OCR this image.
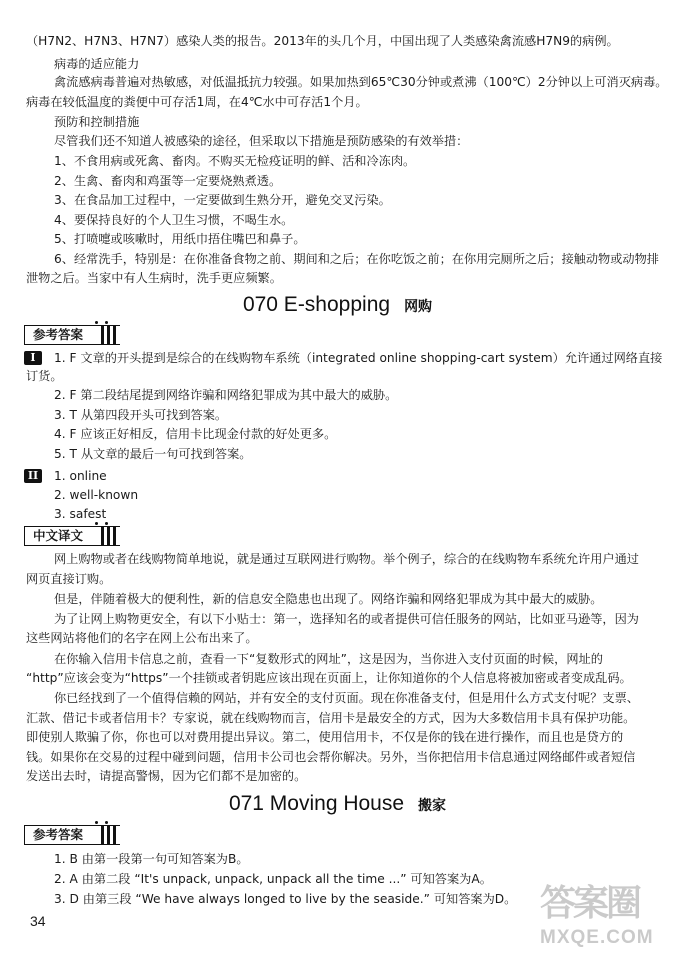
（H7N2、H7N3、H7N7）感染人类的报告。2013年的头几个月，中国出现了人类感染禽流感H7N9的病例。
病毒的适应能力
禽流感病毒普遍对热敏感，对低温抵抗力较强。如果加热到65℃30分钟或煮沸（100℃）2分钟以上可消灭病毒。
病毒在较低温度的粪便中可存活1周，在4℃水中可存活1个月。
预防和控制措施
尽管我们还不知道人被感染的途径，但采取以下措施是预防感染的有效举措：
1、不食用病或死禽、畜肉。不购买无检疫证明的鲜、活和冷冻肉。
2、生禽、畜肉和鸡蛋等一定要烧熟煮透。
3、在食品加工过程中，一定要做到生熟分开，避免交叉污染。
4、要保持良好的个人卫生习惯，不喝生水。
5、打喷嚏或咳嗽时，用纸巾捂住嘴巴和鼻子。
6、经常洗手，特别是：在你准备食物之前、期间和之后；在你吃饭之前；在你用完厕所之后；接触动物或动物排
泄物之后。当家中有人生病时，洗手更应频繁。
070 E-shopping 网购
参考答案
I	1. F 文章的开头提到是综合的在线购物车系统（integrated online shopping-cart system）允许通过网络直接
订货。
2. F 第二段结尾提到网络诈骗和网络犯罪成为其中最大的威胁。
3. T 从第四段开头可找到答案。
4. F 应该正好相反，信用卡比现金付款的好处更多。
5. T 从文章的最后一句可找到答案。
II	1. online
2. well-known
3. safest
中文译文
网上购物或者在线购物简单地说，就是通过互联网进行购物。举个例子，综合的在线购物车系统允许用户通过
网页直接订购。
但是，伴随着极大的便利性，新的信息安全隐患也出现了。网络诈骗和网络犯罪成为其中最大的威胁。
为了让网上购物更安全，有以下小贴士：第一，选择知名的或者提供可信任服务的网站，比如亚马逊等，因为
这些网站将他们的名字在网上公布出来了。
在你输入信用卡信息之前，查看一下“复数形式的网址”，这是因为，当你进入支付页面的时候，网址的
“http”应该会变为“https”一个挂锁或者钥匙应该出现在页面上，让你知道你的个人信息将被加密或者变成乱码。
你已经找到了一个值得信赖的网站，并有安全的支付页面。现在你准备支付，但是用什么方式支付呢？支票、
汇款、借记卡或者信用卡？专家说，就在线购物而言，信用卡是最安全的方式，因为大多数信用卡具有保护功能。
即使别人欺骗了你，你也可以对费用提出异议。第二，使用信用卡，不仅是你的钱在进行操作，而且也是贷方的
钱。如果你在交易的过程中碰到问题，信用卡公司也会帮你解决。另外，当你把信用卡信息通过网络邮件或者短信
发送出去时，请提高警惕，因为它们都不是加密的。
071 Moving House 搬家
参考答案
1. B 由第一段第一句可知答案为B。
2. A 由第二段 “It's unpack, unpack, unpack all the time ...” 可知答案为A。
3. D 由第三段 “We have always longed to live by the seaside.” 可知答案为D。
34	答案圈
MXQE.COM
